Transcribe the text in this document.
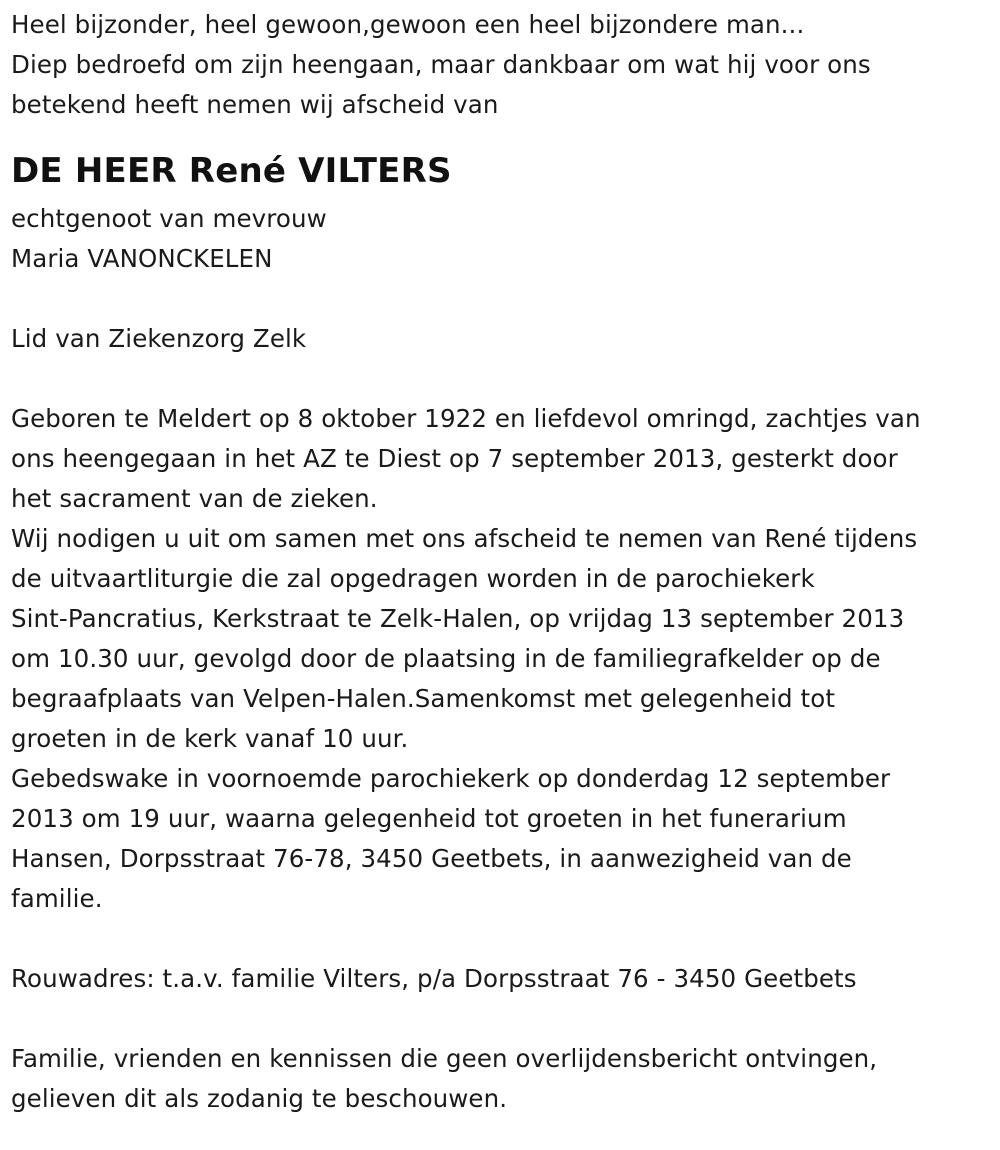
Heel bijzonder, heel gewoon,gewoon een heel bijzondere man...
Diep bedroefd om zijn heengaan, maar dankbaar om wat hij voor ons
betekend heeft nemen wij afscheid van
DE HEER René VILTERS
echtgenoot van mevrouw
Maria VANONCKELEN
Lid van Ziekenzorg Zelk
Geboren te Meldert op 8 oktober 1922 en liefdevol omringd, zachtjes van
ons heengegaan in het AZ te Diest op 7 september 2013, gesterkt door
het sacrament van de zieken.
Wij nodigen u uit om samen met ons afscheid te nemen van René tijdens
de uitvaartliturgie die zal opgedragen worden in de parochiekerk
Sint-Pancratius, Kerkstraat te Zelk-Halen, op vrijdag 13 september 2013
om 10.30 uur, gevolgd door de plaatsing in de familiegrafkelder op de
begraafplaats van Velpen-Halen.Samenkomst met gelegenheid tot
groeten in de kerk vanaf 10 uur.
Gebedswake in voornoemde parochiekerk op donderdag 12 september
2013 om 19 uur, waarna gelegenheid tot groeten in het funerarium
Hansen, Dorpsstraat 76-78, 3450 Geetbets, in aanwezigheid van de
familie.
Rouwadres: t.a.v. familie Vilters, p/a Dorpsstraat 76 - 3450 Geetbets
Familie, vrienden en kennissen die geen overlijdensbericht ontvingen,
gelieven dit als zodanig te beschouwen.
